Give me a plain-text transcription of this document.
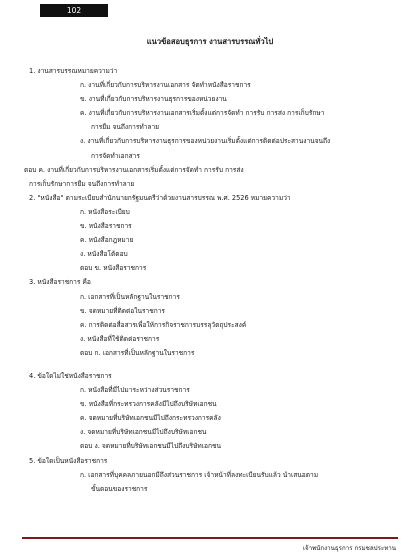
102
แนวข้อสอบธุรการ งานสารบรรณทั่วไป
1. งานสารบรรณหมายความว่า
ก. งานที่เกี่ยวกับการบริหารงานเอกสาร จัดทำหนังสือราชการ
ข. งานที่เกี่ยวกับการบริหารงานธุรการของหน่วยงาน
ค. งานที่เกี่ยวกับการบริหารงานเอกสารเริ่มตั้งแต่การจัดทำ การรับ การส่ง การเก็บรักษา
การยืม จนถึงการทำลาย
ง. งานที่เกี่ยวกับการบริหารงานธุรการของหน่วยงานเริ่มตั้งแต่การติดต่อประสานงานจนถึง
การจัดทำเอกสาร
ตอบ ค. งานที่เกี่ยวกับการบริหารงานเอกสารเริ่มตั้งแต่การจัดทำ การรับ การส่ง
การเก็บรักษาการยืม จนถึงการทำลาย
2. "หนังสือ" ตามระเบียบสำนักนายกรัฐมนตรีว่าด้วยงานสารบรรณ พ.ศ. 2526 หมายความว่า
ก. หนังสือระเบียบ
ข. หนังสือราชการ
ค. หนังสือกฎหมาย
ง. หนังสือโต้ตอบ
ตอบ ข. หนังสือราชการ
3. หนังสือราชการ คือ
ก. เอกสารที่เป็นหลักฐานในราชการ
ข. จดหมายที่ติดต่อในราชการ
ค. การติดต่อสื่อสารเพื่อให้การกิจราชการบรรลุวัตถุประสงค์
ง. หนังสือที่ใช้ติดต่อราชการ
ตอบ ก. เอกสารที่เป็นหลักฐานในราชการ
4. ข้อใดไม่ใช่หนังสือราชการ
ก. หนังสือที่มีไปมาระหว่างส่วนราชการ
ข. หนังสือที่กระทรวงการคลังมีไปถึงบริษัทเอกชน
ค. จดหมายที่บริษัทเอกชนมีไปถึงกระทรวงการคลัง
ง. จดหมายที่บริษัทเอกชนมีไปถึงบริษัทเอกชน
ตอบ ง. จดหมายที่บริษัทเอกชนมีไปถึงบริษัทเอกชน
5. ข้อใดเป็นหนังสือราชการ
ก. เอกสารที่บุคคลภายนอกมีถึงส่วนราชการ เจ้าหน้าที่ลงทะเบียนรับแล้ว นำเสนอตาม
ขั้นตอนของราชการ
เจ้าพนักงานธุรการ กรมชลประทาน
